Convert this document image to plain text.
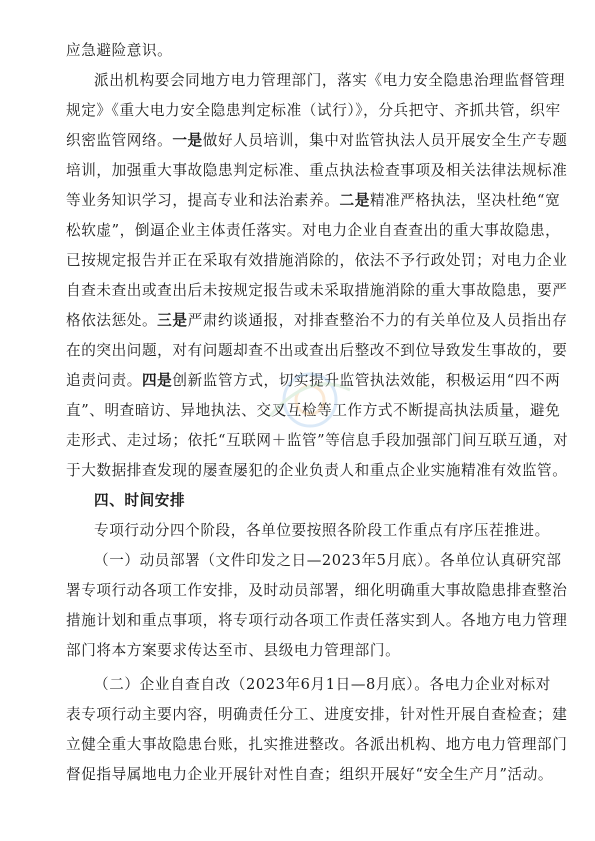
应急避险意识。
派出机构要会同地方电力管理部门，落实《电力安全隐患治理监督管理
规定》《重大电力安全隐患判定标准（试行）》，分兵把守、齐抓共管，织牢
织密监管网络。一是做好人员培训，集中对监管执法人员开展安全生产专题
培训，加强重大事故隐患判定标准、重点执法检查事项及相关法律法规标准
等业务知识学习，提高专业和法治素养。二是精准严格执法，坚决杜绝“宽
松软虚”，倒逼企业主体责任落实。对电力企业自查查出的重大事故隐患，
已按规定报告并正在采取有效措施消除的，依法不予行政处罚；对电力企业
自查未查出或查出后未按规定报告或未采取措施消除的重大事故隐患，要严
格依法惩处。三是严肃约谈通报，对排查整治不力的有关单位及人员指出存
在的突出问题，对有问题却查不出或查出后整改不到位导致发生事故的，要
追责问责。四是创新监管方式，切实提升监管执法效能，积极运用“四不两
直”、明查暗访、异地执法、交叉互检等工作方式不断提高执法质量，避免
走形式、走过场；依托“互联网＋监管”等信息手段加强部门间互联互通，对
于大数据排查发现的屡查屡犯的企业负责人和重点企业实施精准有效监管。
四、时间安排
专项行动分四个阶段，各单位要按照各阶段工作重点有序压茬推进。
（一）动员部署（文件印发之日—2023年5月底）。各单位认真研究部
署专项行动各项工作安排，及时动员部署，细化明确重大事故隐患排查整治
措施计划和重点事项，将专项行动各项工作责任落实到人。各地方电力管理
部门将本方案要求传达至市、县级电力管理部门。
（二）企业自查自改（2023年6月1日—8月底）。各电力企业对标对
表专项行动主要内容，明确责任分工、进度安排，针对性开展自查检查；建
立健全重大事故隐患台账，扎实推进整改。各派出机构、地方电力管理部门
督促指导属地电力企业开展针对性自查；组织开展好“安全生产月”活动。
